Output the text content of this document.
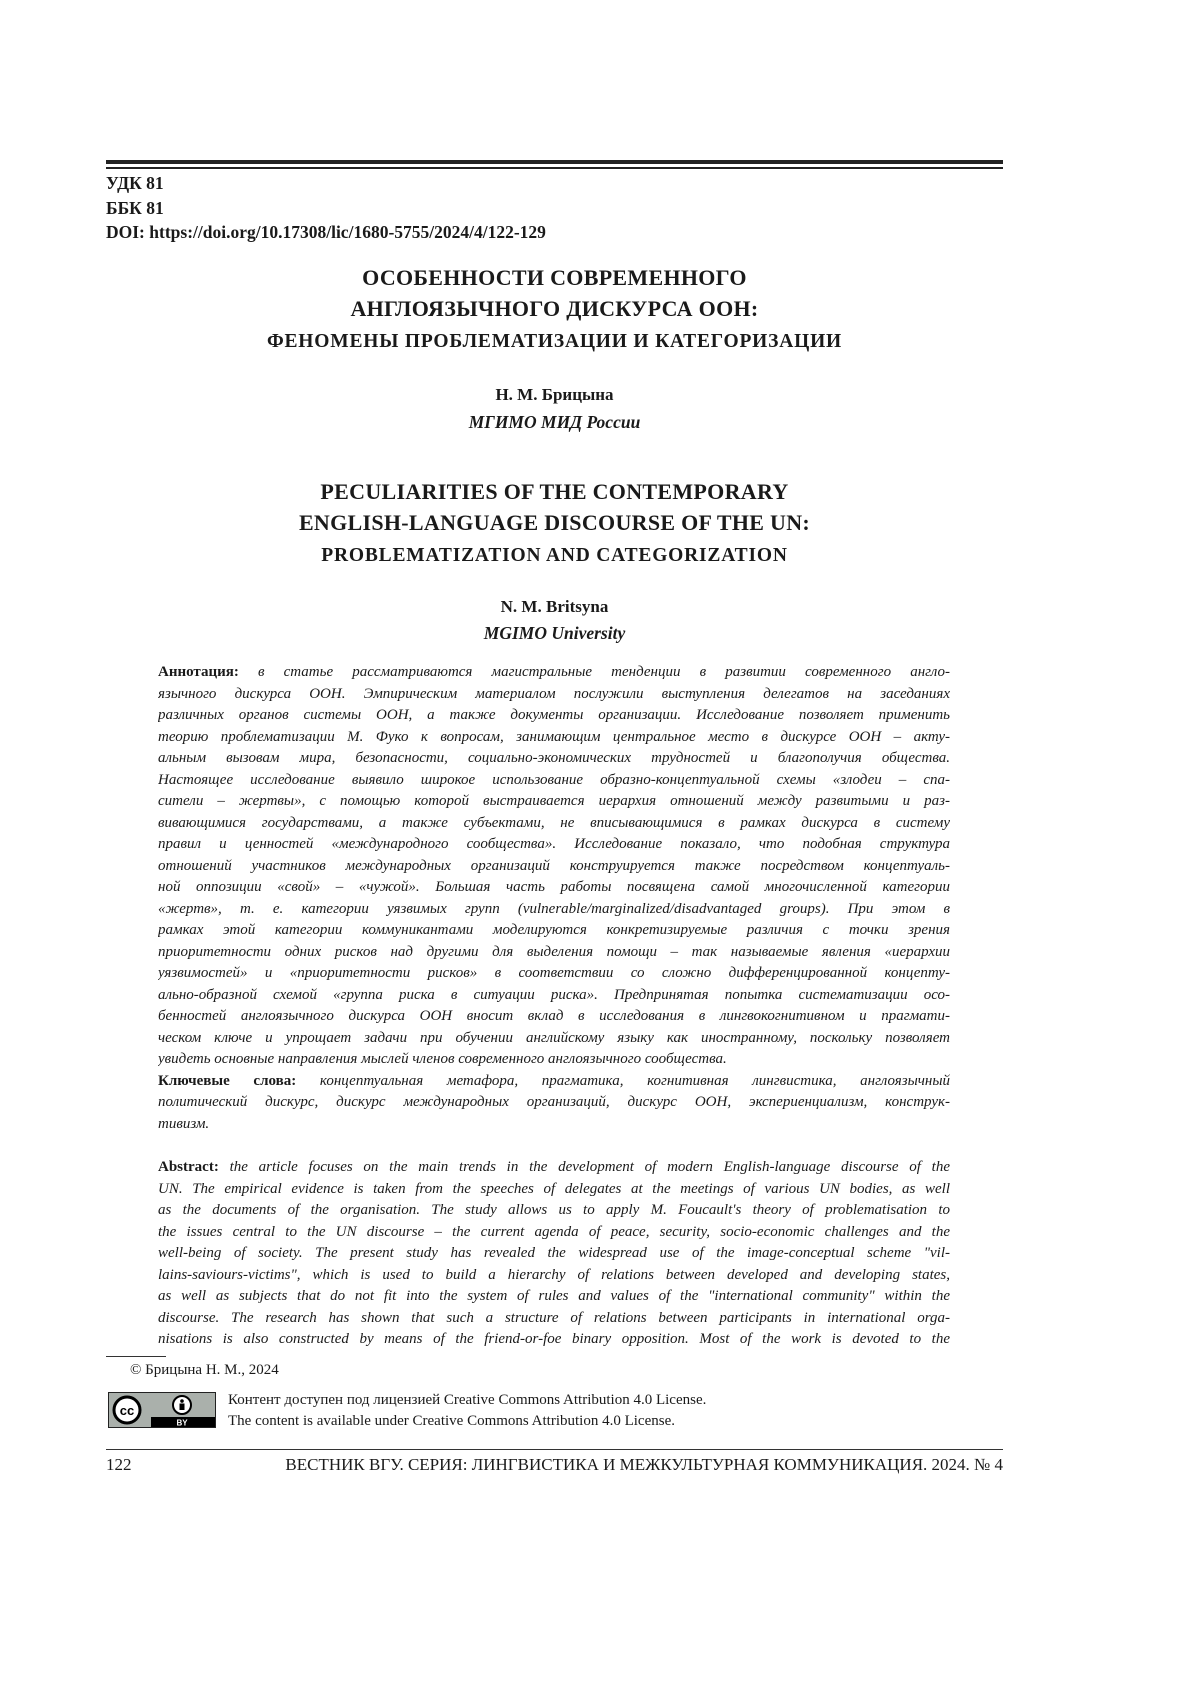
УДК 81
ББК 81
DOI: https://doi.org/10.17308/lic/1680-5755/2024/4/122-129
ОСОБЕННОСТИ СОВРЕМЕННОГО
АНГЛОЯЗЫЧНОГО ДИСКУРСА ООН:
ФЕНОМЕНЫ ПРОБЛЕМАТИЗАЦИИ И КАТЕГОРИЗАЦИИ
Н. М. Брицына
МГИМО МИД России
PECULIARITIES OF THE CONTEMPORARY
ENGLISH-LANGUAGE DISCOURSE OF THE UN:
PROBLEMATIZATION AND CATEGORIZATION
N. M. Britsyna
MGIMO University
Аннотация: в статье рассматриваются магистральные тенденции в развитии современного англо-
язычного дискурса ООН. Эмпирическим материалом послужили выступления делегатов на заседаниях
различных органов системы ООН, а также документы организации. Исследование позволяет применить
теорию проблематизации М. Фуко к вопросам, занимающим центральное место в дискурсе ООН – акту-
альным вызовам мира, безопасности, социально-экономических трудностей и благополучия общества.
Настоящее исследование выявило широкое использование образно-концептуальной схемы «злодеи – спа-
сители – жертвы», с помощью которой выстраивается иерархия отношений между развитыми и раз-
вивающимися государствами, а также субъектами, не вписывающимися в рамках дискурса в систему
правил и ценностей «международного сообщества». Исследование показало, что подобная структура
отношений участников международных организаций конструируется также посредством концептуаль-
ной оппозиции «свой» – «чужой». Большая часть работы посвящена самой многочисленной категории
«жертв», т. е. категории уязвимых групп (vulnerable/marginalized/disadvantaged groups). При этом в
рамках этой категории коммуникантами моделируются конкретизируемые различия с точки зрения
приоритетности одних рисков над другими для выделения помощи – так называемые явления «иерархии
уязвимостей» и «приоритетности рисков» в соответствии со сложно дифференцированной концепту-
ально-образной схемой «группа риска в ситуации риска». Предпринятая попытка систематизации осо-
бенностей англоязычного дискурса ООН вносит вклад в исследования в лингвокогнитивном и прагмати-
ческом ключе и упрощает задачи при обучении английскому языку как иностранному, поскольку позволяет
увидеть основные направления мыслей членов современного англоязычного сообщества.
Ключевые слова: концептуальная метафора, прагматика, когнитивная лингвистика, англоязычный
политический дискурс, дискурс международных организаций, дискурс ООН, экспериенциализм, конструк-
тивизм.
Abstract: the article focuses on the main trends in the development of modern English-language discourse of the
UN. The empirical evidence is taken from the speeches of delegates at the meetings of various UN bodies, as well
as the documents of the organisation. The study allows us to apply M. Foucault's theory of problematisation to
the issues central to the UN discourse – the current agenda of peace, security, socio-economic challenges and the
well-being of society. The present study has revealed the widespread use of the image-conceptual scheme "vil-
lains-saviours-victims", which is used to build a hierarchy of relations between developed and developing states,
as well as subjects that do not fit into the system of rules and values of the "international community" within the
discourse. The research has shown that such a structure of relations between participants in international orga-
nisations is also constructed by means of the friend-or-foe binary opposition. Most of the work is devoted to the
© Брицына Н. М., 2024
cc
BY
Контент доступен под лицензией Creative Commons Attribution 4.0 License.
The content is available under Creative Commons Attribution 4.0 License.
122	ВЕСТНИК ВГУ. СЕРИЯ: ЛИНГВИСТИКА И МЕЖКУЛЬТУРНАЯ КОММУНИКАЦИЯ. 2024. № 4
